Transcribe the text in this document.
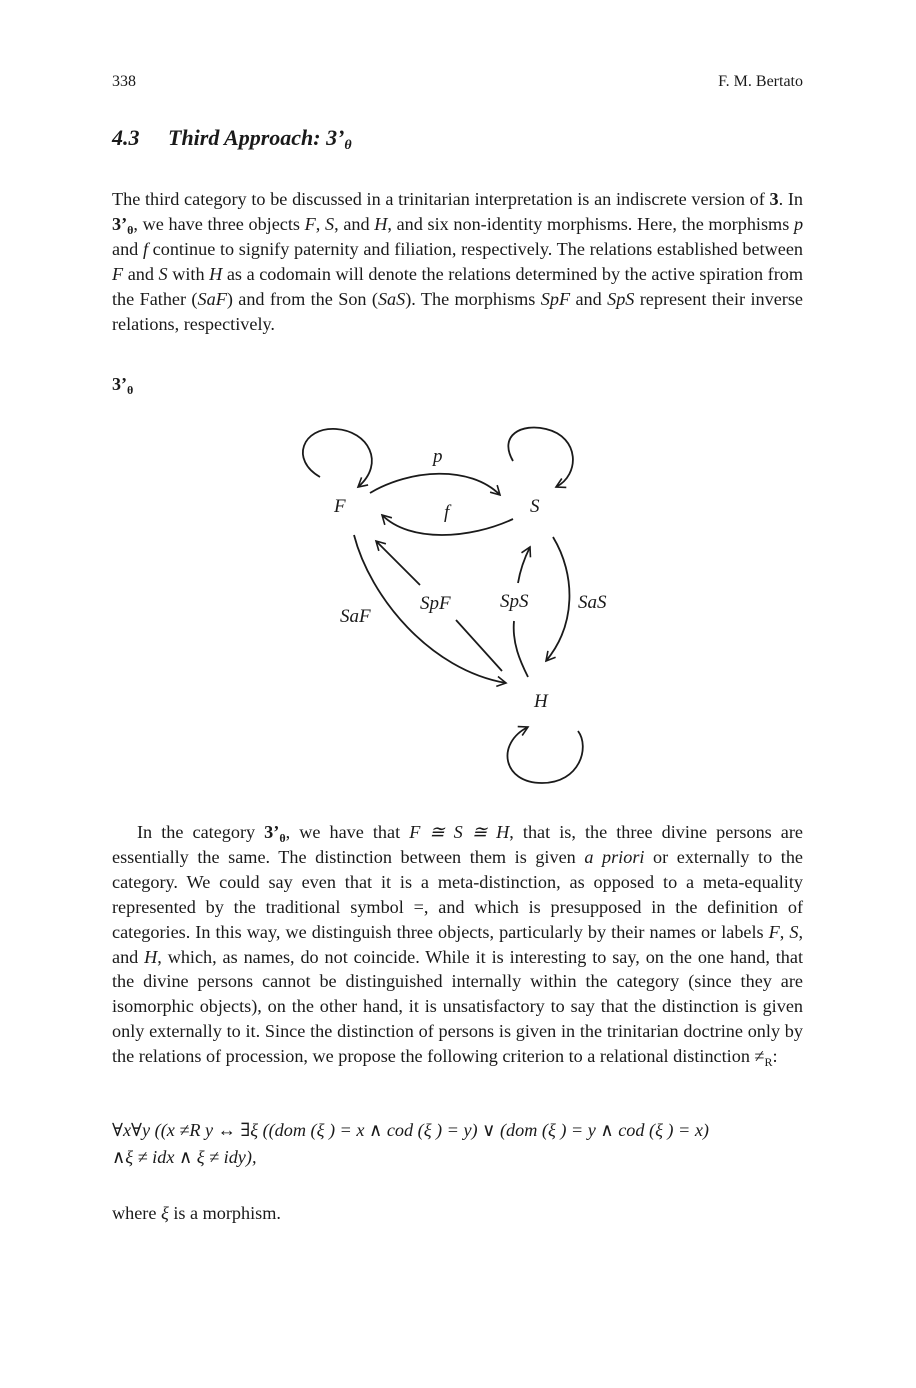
338	F. M. Bertato
4.3 Third Approach: $3’_\theta$

The third category to be discussed in a trinitarian interpretation is an indiscrete version of 3. In $3’_\theta$, we have three objects F, S, and H, and six non-identity morphisms. Here, the morphisms p and f continue to signify paternity and filiation, respectively. The relations established between F and S with H as a codomain will denote the relations determined by the active spiration from the Father (SaF) and from the Son (SaS). The morphisms SpF and SpS represent their inverse relations, respectively.

$3’_\theta$
F	S
H
p
f
SaF
SpF	SpS	SaS

In the category $3’_\theta$, we have that F ≅ S ≅ H, that is, the three divine persons are essentially the same. The distinction between them is given a priori or externally to the category. We could say even that it is a meta-distinction, as opposed to a meta-equality represented by the traditional symbol =, and which is presupposed in the definition of categories. In this way, we distinguish three objects, particularly by their names or labels F, S, and H, which, as names, do not coincide. While it is interesting to say, on the one hand, that the divine persons cannot be distinguished internally within the category (since they are isomorphic objects), on the other hand, it is unsatisfactory to say that the distinction is given only externally to it. Since the distinction of persons is given in the trinitarian doctrine only by the relations of procession, we propose the following criterion to a relational distinction $\ne_R$:

∀x∀y ((x ≠R y ↔ ∃ξ ((dom (ξ ) = x ∧ cod (ξ ) = y) ∨ (dom (ξ ) = y ∧ cod (ξ ) = x)
∧ξ ≠ idx ∧ ξ ≠ idy),

where ξ is a morphism.
